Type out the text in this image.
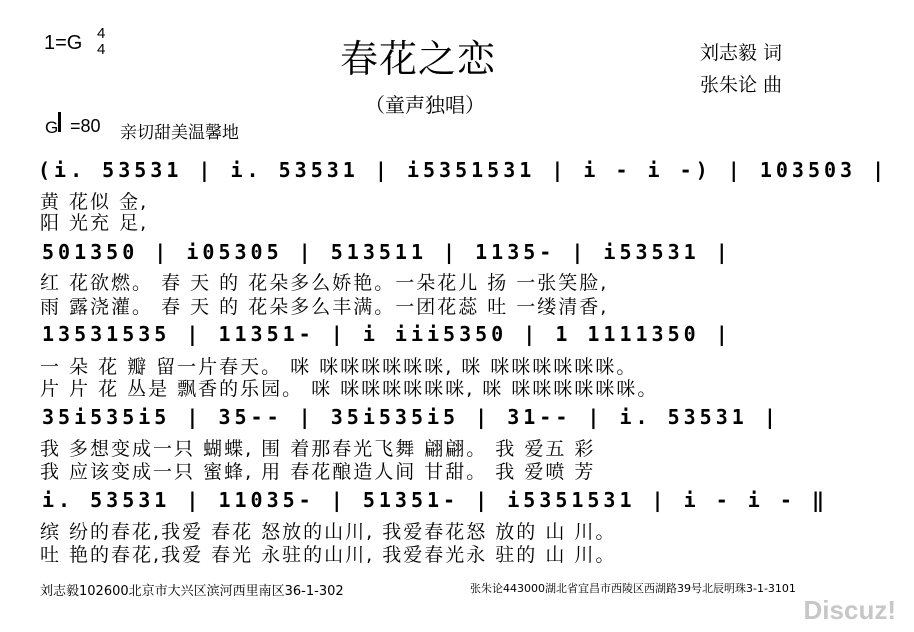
1=G 4
4	春花之恋
（童声独唱）
刘志毅 词
张朱论 曲
G =80 亲切甜美温馨地
(i. 53531 | i. 53531 | i5351531 | i - i -) | 103503 |
黄 花似 金,
阳 光充 足,
501350 | i05305 | 513511 | 1135- | i53531 |
红 花欲燃。 春 天 的 花朵多么娇艳。一朵花儿 扬 一张笑脸,
雨 露浇灌。 春 天 的 花朵多么丰满。一团花蕊 吐 一缕清香,
13531535 | 11351- | i iii5350 | 1 1111350 |
一 朵 花 瓣 留一片春天。 咪 咪咪咪咪咪咪, 咪 咪咪咪咪咪咪。
片 片 花 丛是 飘香的乐园。 咪 咪咪咪咪咪咪, 咪 咪咪咪咪咪咪。
35i535i5 | 35-- | 35i535i5 | 31-- | i. 53531 |
我 多想变成一只 蝴蝶, 围 着那春光飞舞 翩翩。 我 爱五 彩
我 应该变成一只 蜜蜂, 用 春花酿造人间 甘甜。 我 爱喷 芳
i. 53531 | 11035- | 51351- | i5351531 | i - i - ‖
缤 纷的春花,我爱 春花 怒放的山川, 我爱春花怒 放的 山 川。
吐 艳的春花,我爱 春光 永驻的山川, 我爱春光永 驻的 山 川。
刘志毅102600北京市大兴区滨河西里南区36-1-302	张朱论443000湖北省宜昌市西陵区西湖路39号北辰明珠3-1-3101
Discuz!
